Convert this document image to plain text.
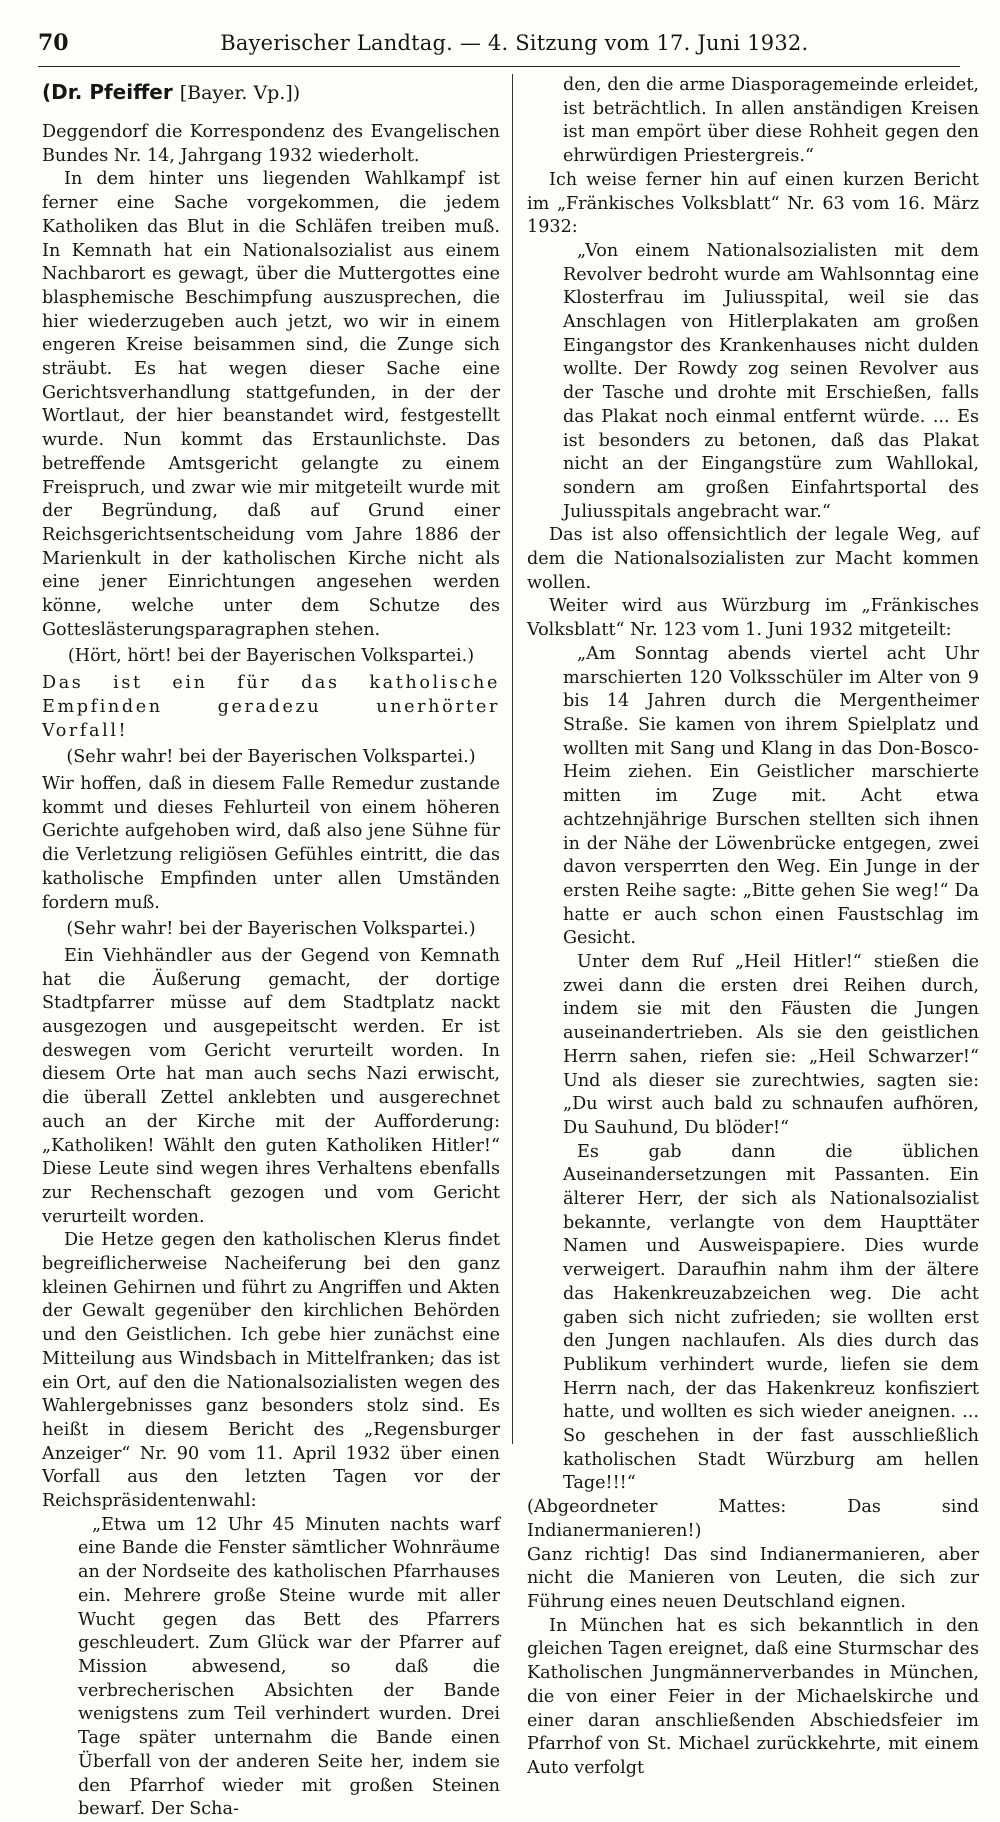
70	Bayerischer Landtag. — 4. Sitzung vom 17. Juni 1932.

(Dr. Pfeiffer [Bayer. Vp.])

Deggendorf die Korrespondenz des Evangelischen Bundes Nr. 14, Jahrgang 1932 wiederholt.

In dem hinter uns liegenden Wahlkampf ist ferner eine Sache vorgekommen, die jedem Katholiken das Blut in die Schläfen treiben muß. In Kemnath hat ein Nationalsozialist aus einem Nachbarort es gewagt, über die Muttergottes eine blasphemische Beschimpfung auszusprechen, die hier wiederzugeben auch jetzt, wo wir in einem engeren Kreise beisammen sind, die Zunge sich sträubt. Es hat wegen dieser Sache eine Gerichtsverhandlung stattgefunden, in der der Wortlaut, der hier beanstandet wird, festgestellt wurde. Nun kommt das Erstaunlichste. Das betreffende Amtsgericht gelangte zu einem Freispruch, und zwar wie mir mitgeteilt wurde mit der Begründung, daß auf Grund einer Reichsgerichtsentscheidung vom Jahre 1886 der Marienkult in der katholischen Kirche nicht als eine jener Einrichtungen angesehen werden könne, welche unter dem Schutze des Gotteslästerungsparagraphen stehen.

(Hört, hört! bei der Bayerischen Volkspartei.)

Das ist ein für das katholische Empfinden geradezu unerhörter Vorfall!

(Sehr wahr! bei der Bayerischen Volkspartei.)

Wir hoffen, daß in diesem Falle Remedur zustande kommt und dieses Fehlurteil von einem höheren Gerichte aufgehoben wird, daß also jene Sühne für die Verletzung religiösen Gefühles eintritt, die das katholische Empfinden unter allen Umständen fordern muß.

(Sehr wahr! bei der Bayerischen Volkspartei.)

Ein Viehhändler aus der Gegend von Kemnath hat die Äußerung gemacht, der dortige Stadtpfarrer müsse auf dem Stadtplatz nackt ausgezogen und ausgepeitscht werden. Er ist deswegen vom Gericht verurteilt worden. In diesem Orte hat man auch sechs Nazi erwischt, die überall Zettel anklebten und ausgerechnet auch an der Kirche mit der Aufforderung: „Katholiken! Wählt den guten Katholiken Hitler!“ Diese Leute sind wegen ihres Verhaltens ebenfalls zur Rechenschaft gezogen und vom Gericht verurteilt worden.

Die Hetze gegen den katholischen Klerus findet begreiflicherweise Nacheiferung bei den ganz kleinen Gehirnen und führt zu Angriffen und Akten der Gewalt gegenüber den kirchlichen Behörden und den Geistlichen. Ich gebe hier zunächst eine Mitteilung aus Windsbach in Mittelfranken; das ist ein Ort, auf den die Nationalsozialisten wegen des Wahlergebnisses ganz besonders stolz sind. Es heißt in diesem Bericht des „Regensburger Anzeiger“ Nr. 90 vom 11. April 1932 über einen Vorfall aus den letzten Tagen vor der Reichspräsidentenwahl:

„Etwa um 12 Uhr 45 Minuten nachts warf eine Bande die Fenster sämtlicher Wohnräume an der Nordseite des katholischen Pfarrhauses ein. Mehrere große Steine wurde mit aller Wucht gegen das Bett des Pfarrers geschleudert. Zum Glück war der Pfarrer auf Mission abwesend, so daß die verbrecherischen Absichten der Bande wenigstens zum Teil verhindert wurden. Drei Tage später unternahm die Bande einen Überfall von der anderen Seite her, indem sie den Pfarrhof wieder mit großen Steinen bewarf. Der Scha-

den, den die arme Diasporagemeinde erleidet, ist beträchtlich. In allen anständigen Kreisen ist man empört über diese Rohheit gegen den ehrwürdigen Priestergreis.“

Ich weise ferner hin auf einen kurzen Bericht im „Fränkisches Volksblatt“ Nr. 63 vom 16. März 1932:

„Von einem Nationalsozialisten mit dem Revolver bedroht wurde am Wahlsonntag eine Klosterfrau im Juliusspital, weil sie das Anschlagen von Hitlerplakaten am großen Eingangstor des Krankenhauses nicht dulden wollte. Der Rowdy zog seinen Revolver aus der Tasche und drohte mit Erschießen, falls das Plakat noch einmal entfernt würde. ... Es ist besonders zu betonen, daß das Plakat nicht an der Eingangstüre zum Wahllokal, sondern am großen Einfahrtsportal des Juliusspitals angebracht war.“

Das ist also offensichtlich der legale Weg, auf dem die Nationalsozialisten zur Macht kommen wollen.

Weiter wird aus Würzburg im „Fränkisches Volksblatt“ Nr. 123 vom 1. Juni 1932 mitgeteilt:

„Am Sonntag abends viertel acht Uhr marschierten 120 Volksschüler im Alter von 9 bis 14 Jahren durch die Mergentheimer Straße. Sie kamen von ihrem Spielplatz und wollten mit Sang und Klang in das Don-Bosco-Heim ziehen. Ein Geistlicher marschierte mitten im Zuge mit. Acht etwa achtzehnjährige Burschen stellten sich ihnen in der Nähe der Löwenbrücke entgegen, zwei davon versperrten den Weg. Ein Junge in der ersten Reihe sagte: „Bitte gehen Sie weg!“ Da hatte er auch schon einen Faustschlag im Gesicht.

Unter dem Ruf „Heil Hitler!“ stießen die zwei dann die ersten drei Reihen durch, indem sie mit den Fäusten die Jungen auseinandertrieben. Als sie den geistlichen Herrn sahen, riefen sie: „Heil Schwarzer!“ Und als dieser sie zurechtwies, sagten sie: „Du wirst auch bald zu schnaufen aufhören, Du Sauhund, Du blöder!“

Es gab dann die üblichen Auseinandersetzungen mit Passanten. Ein älterer Herr, der sich als Nationalsozialist bekannte, verlangte von dem Haupttäter Namen und Ausweispapiere. Dies wurde verweigert. Daraufhin nahm ihm der ältere das Hakenkreuzabzeichen weg. Die acht gaben sich nicht zufrieden; sie wollten erst den Jungen nachlaufen. Als dies durch das Publikum verhindert wurde, liefen sie dem Herrn nach, der das Hakenkreuz konfisziert hatte, und wollten es sich wieder aneignen. ... So geschehen in der fast ausschließlich katholischen Stadt Würzburg am hellen Tage!!!“

(Abgeordneter Mattes: Das sind Indianermanieren!)

Ganz richtig! Das sind Indianermanieren, aber nicht die Manieren von Leuten, die sich zur Führung eines neuen Deutschland eignen.

In München hat es sich bekanntlich in den gleichen Tagen ereignet, daß eine Sturmschar des Katholischen Jungmännerverbandes in München, die von einer Feier in der Michaelskirche und einer daran anschließenden Abschiedsfeier im Pfarrhof von St. Michael zurückkehrte, mit einem Auto verfolgt
